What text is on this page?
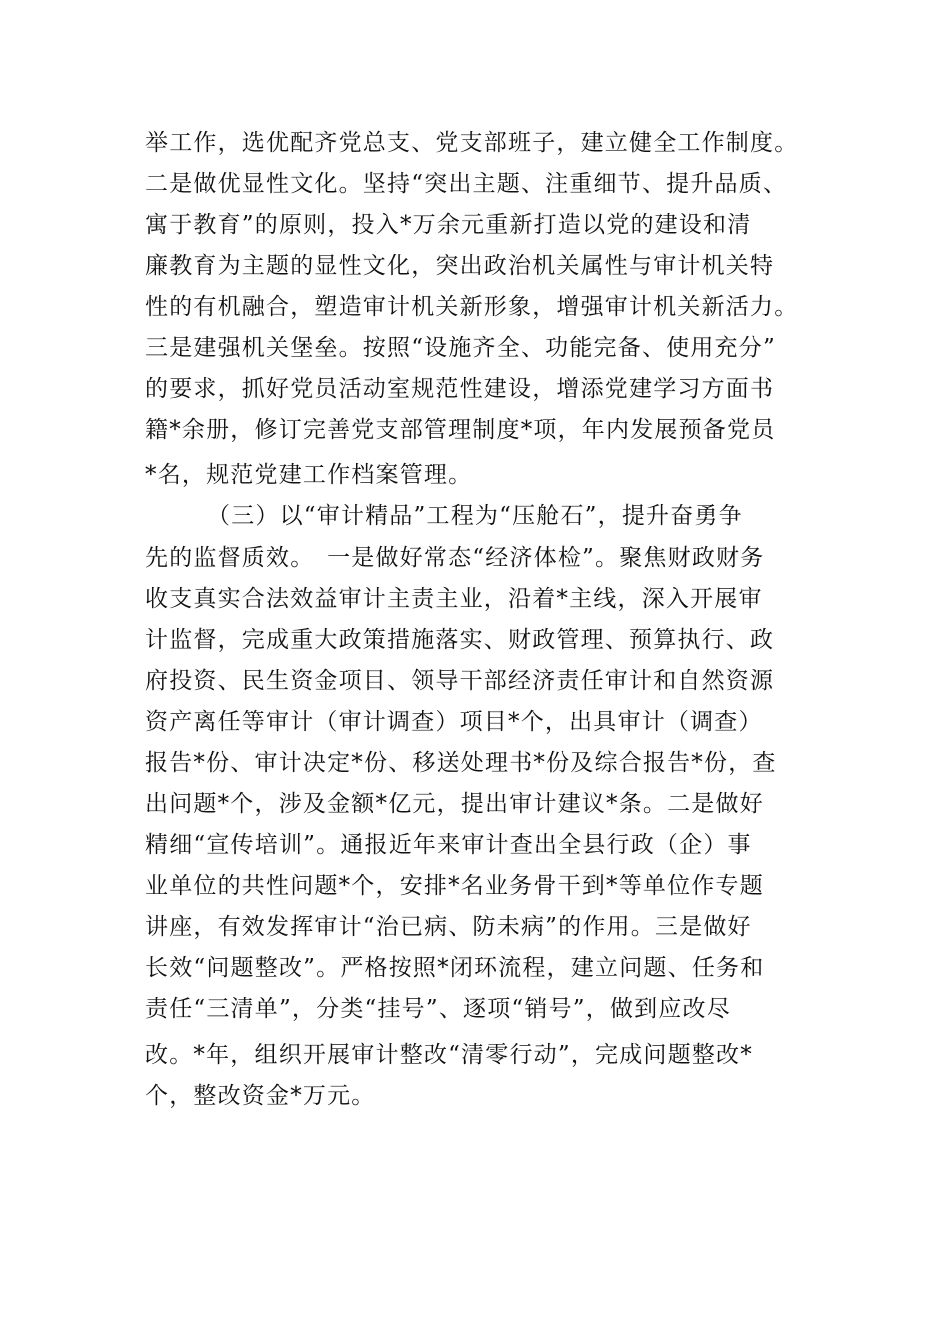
举工作，选优配齐党总支、党支部班子，建立健全工作制度。
二是做优显性文化。坚持“突出主题、注重细节、提升品质、
寓于教育”的原则，投入*万余元重新打造以党的建设和清
廉教育为主题的显性文化，突出政治机关属性与审计机关特
性的有机融合，塑造审计机关新形象，增强审计机关新活力。
三是建强机关堡垒。按照“设施齐全、功能完备、使用充分”
的要求，抓好党员活动室规范性建设，增添党建学习方面书
籍*余册，修订完善党支部管理制度*项，年内发展预备党员
*名，规范党建工作档案管理。
（三）以“审计精品”工程为“压舱石”，提升奋勇争
先的监督质效。　一是做好常态“经济体检”。聚焦财政财务
收支真实合法效益审计主责主业，沿着*主线，深入开展审
计监督，完成重大政策措施落实、财政管理、预算执行、政
府投资、民生资金项目、领导干部经济责任审计和自然资源
资产离任等审计（审计调查）项目*个，出具审计（调查）
报告*份、审计决定*份、移送处理书*份及综合报告*份，查
出问题*个，涉及金额*亿元，提出审计建议*条。二是做好
精细“宣传培训”。通报近年来审计查出全县行政（企）事
业单位的共性问题*个，安排*名业务骨干到*等单位作专题
讲座，有效发挥审计“治已病、防未病”的作用。三是做好
长效“问题整改”。严格按照*闭环流程，建立问题、任务和
责任“三清单”，分类“挂号”、逐项“销号”，做到应改尽
改。*年，组织开展审计整改“清零行动”，完成问题整改*
个，整改资金*万元。
